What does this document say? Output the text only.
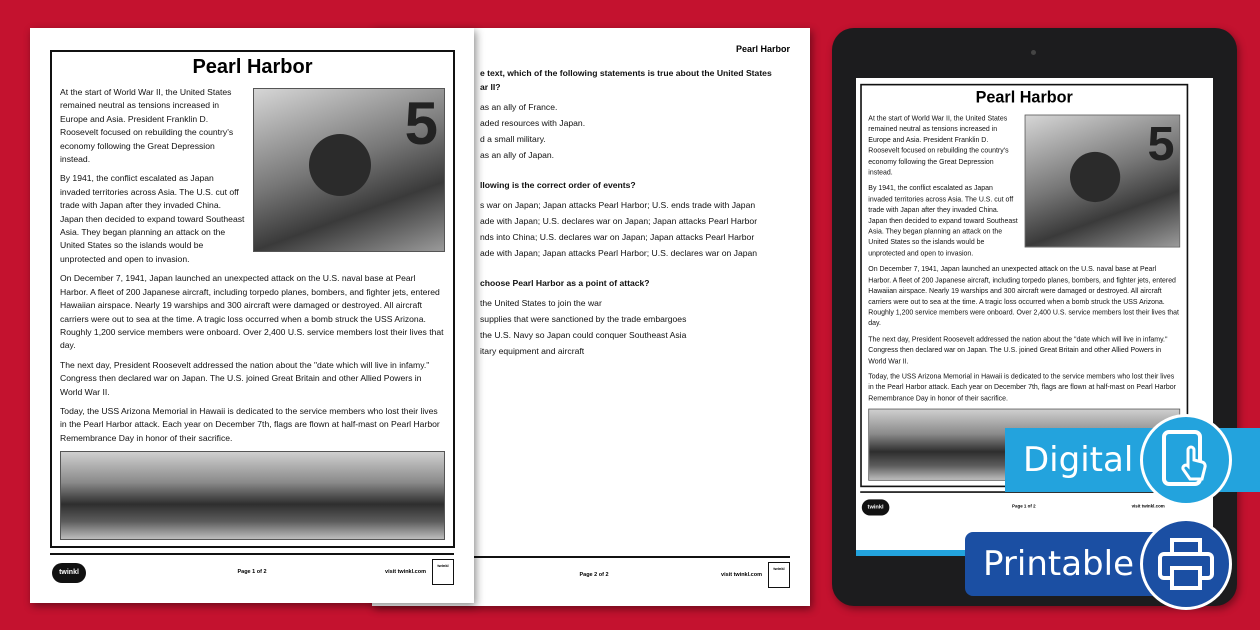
Pearl Harbor
e text, which of the following statements is true about the United States
ar II?
as an ally of France.
aded resources with Japan.
d a small military.
as an ally of Japan.
llowing is the correct order of events?
s war on Japan; Japan attacks Pearl Harbor; U.S. ends trade with Japan
ade with Japan; U.S. declares war on Japan; Japan attacks Pearl Harbor
nds into China; U.S. declares war on Japan; Japan attacks Pearl Harbor
ade with Japan; Japan attacks Pearl Harbor; U.S. declares war on Japan
choose Pearl Harbor as a point of attack?
the United States to join the war
supplies that were sanctioned by the trade embargoes
the U.S. Navy so Japan could conquer Southeast Asia
itary equipment and aircraft
Page 2 of 2	visit twinkl.com
twinkl
Pearl Harbor
5
At the start of World War II, the United States remained neutral as tensions increased in Europe and Asia. President Franklin D. Roosevelt focused on rebuilding the country's economy following the Great Depression instead.
By 1941, the conflict escalated as Japan invaded territories across Asia. The U.S. cut off trade with Japan after they invaded China. Japan then decided to expand toward Southeast Asia. They began planning an attack on the United States so the islands would be unprotected and open to invasion.
On December 7, 1941, Japan launched an unexpected attack on the U.S. naval base at Pearl Harbor. A fleet of 200 Japanese aircraft, including torpedo planes, bombers, and fighter jets, entered Hawaiian airspace. Nearly 19 warships and 300 aircraft were damaged or destroyed. All aircraft carriers were out to sea at the time. A tragic loss occurred when a bomb struck the USS Arizona. Roughly 1,200 service members were onboard. Over 2,400 U.S. service members lost their lives that day.
The next day, President Roosevelt addressed the nation about the "date which will live in infamy." Congress then declared war on Japan. The U.S. joined Great Britain and other Allied Powers in World War II.
Today, the USS Arizona Memorial in Hawaii is dedicated to the service members who lost their lives in the Pearl Harbor attack. Each year on December 7th, flags are flown at half-mast on Pearl Harbor Remembrance Day in honor of their sacrifice.
twinkl	Page 1 of 2	visit twinkl.com
twinkl
Pearl Harbor
5
At the start of World War II, the United States remained neutral as tensions increased in Europe and Asia. President Franklin D. Roosevelt focused on rebuilding the country's economy following the Great Depression instead.
By 1941, the conflict escalated as Japan invaded territories across Asia. The U.S. cut off trade with Japan after they invaded China. Japan then decided to expand toward Southeast Asia. They began planning an attack on the United States so the islands would be unprotected and open to invasion.
On December 7, 1941, Japan launched an unexpected attack on the U.S. naval base at Pearl Harbor. A fleet of 200 Japanese aircraft, including torpedo planes, bombers, and fighter jets, entered Hawaiian airspace. Nearly 19 warships and 300 aircraft were damaged or destroyed. All aircraft carriers were out to sea at the time. A tragic loss occurred when a bomb struck the USS Arizona. Roughly 1,200 service members were onboard. Over 2,400 U.S. service members lost their lives that day.
The next day, President Roosevelt addressed the nation about the "date which will live in infamy." Congress then declared war on Japan. The U.S. joined Great Britain and other Allied Powers in World War II.
Today, the USS Arizona Memorial in Hawaii is dedicated to the service members who lost their lives in the Pearl Harbor attack. Each year on December 7th, flags are flown at half-mast on Pearl Harbor Remembrance Day in honor of their sacrifice.
twinkl	Page 1 of 2	visit twinkl.com
Digital
Printable
